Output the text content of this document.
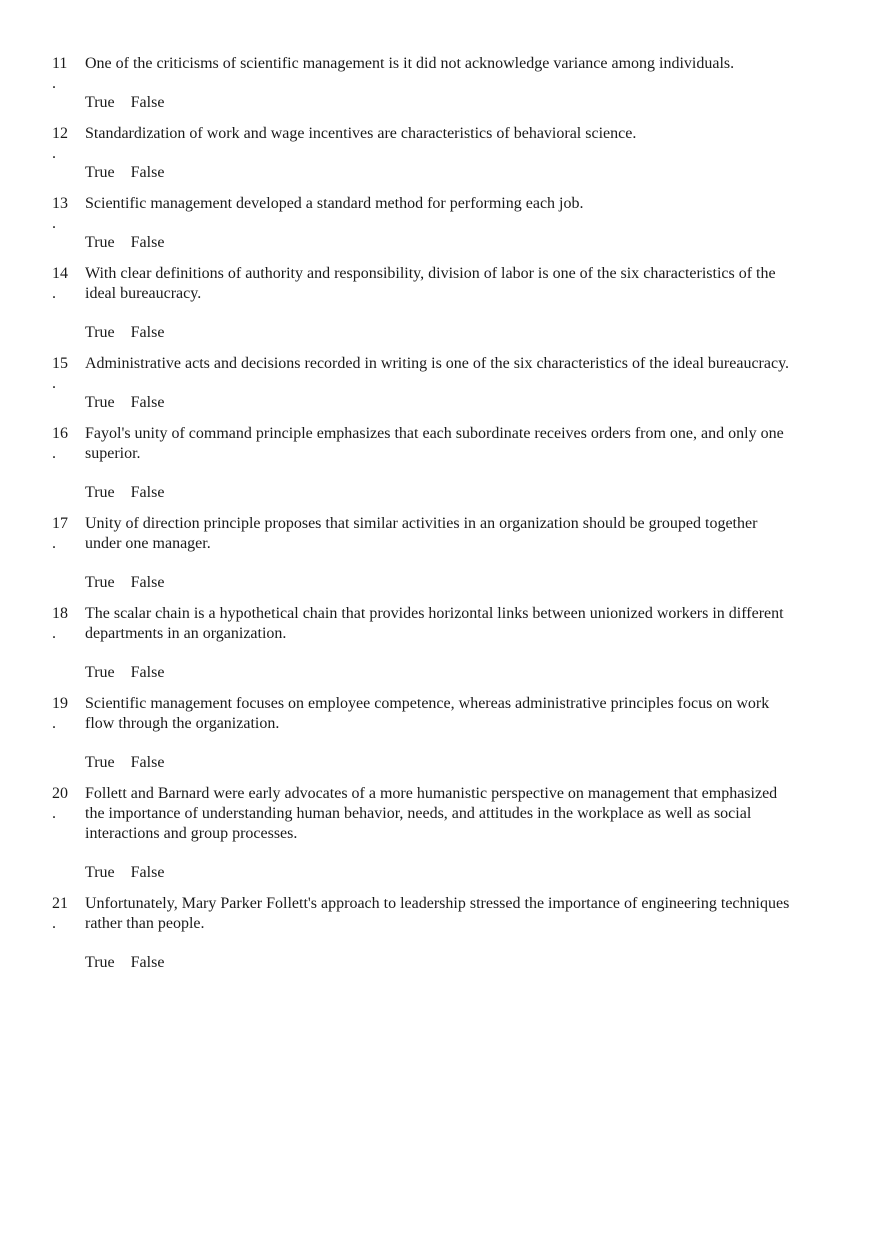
11
.
One of the criticisms of scientific management is it did not acknowledge variance among individuals.
True False
12
.
Standardization of work and wage incentives are characteristics of behavioral science.
True False
13
.
Scientific management developed a standard method for performing each job.
True False
14
.
With clear definitions of authority and responsibility, division of labor is one of the six characteristics of the ideal bureaucracy.
True False
15
.
Administrative acts and decisions recorded in writing is one of the six characteristics of the ideal bureaucracy.
True False
16
.
Fayol's unity of command principle emphasizes that each subordinate receives orders from one, and only one superior.
True False
17
.
Unity of direction principle proposes that similar activities in an organization should be grouped together under one manager.
True False
18
.
The scalar chain is a hypothetical chain that provides horizontal links between unionized workers in different departments in an organization.
True False
19
.
Scientific management focuses on employee competence, whereas administrative principles focus on work flow through the organization.
True False
20
.
Follett and Barnard were early advocates of a more humanistic perspective on management that emphasized the importance of understanding human behavior, needs, and attitudes in the workplace as well as social interactions and group processes.
True False
21
.
Unfortunately, Mary Parker Follett's approach to leadership stressed the importance of engineering techniques rather than people.
True False
